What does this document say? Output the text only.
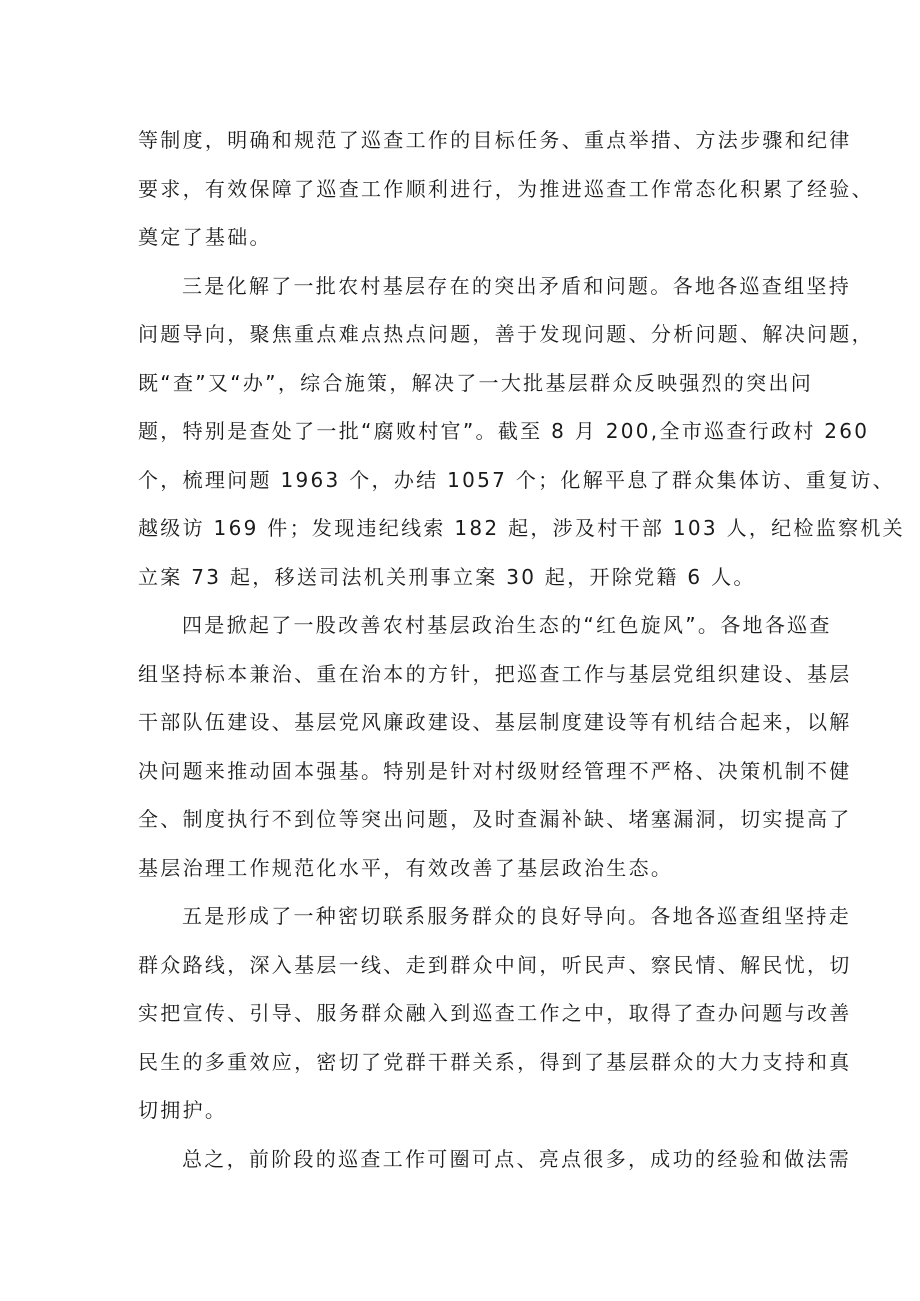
等制度，明确和规范了巡查工作的目标任务、重点举措、方法步骤和纪律
要求，有效保障了巡查工作顺利进行，为推进巡查工作常态化积累了经验、
奠定了基础。
三是化解了一批农村基层存在的突出矛盾和问题。各地各巡查组坚持
问题导向，聚焦重点难点热点问题，善于发现问题、分析问题、解决问题，
既“查”又“办”，综合施策，解决了一大批基层群众反映强烈的突出问
题，特别是查处了一批“腐败村官”。截至 8 月 200,全市巡查行政村 260
个，梳理问题 1963 个，办结 1057 个；化解平息了群众集体访、重复访、
越级访 169 件；发现违纪线索 182 起，涉及村干部 103 人，纪检监察机关
立案 73 起，移送司法机关刑事立案 30 起，开除党籍 6 人。
四是掀起了一股改善农村基层政治生态的“红色旋风”。各地各巡查
组坚持标本兼治、重在治本的方针，把巡查工作与基层党组织建设、基层
干部队伍建设、基层党风廉政建设、基层制度建设等有机结合起来，以解
决问题来推动固本强基。特别是针对村级财经管理不严格、决策机制不健
全、制度执行不到位等突出问题，及时查漏补缺、堵塞漏洞，切实提高了
基层治理工作规范化水平，有效改善了基层政治生态。
五是形成了一种密切联系服务群众的良好导向。各地各巡查组坚持走
群众路线，深入基层一线、走到群众中间，听民声、察民情、解民忧，切
实把宣传、引导、服务群众融入到巡查工作之中，取得了查办问题与改善
民生的多重效应，密切了党群干群关系，得到了基层群众的大力支持和真
切拥护。
总之，前阶段的巡查工作可圈可点、亮点很多，成功的经验和做法需
